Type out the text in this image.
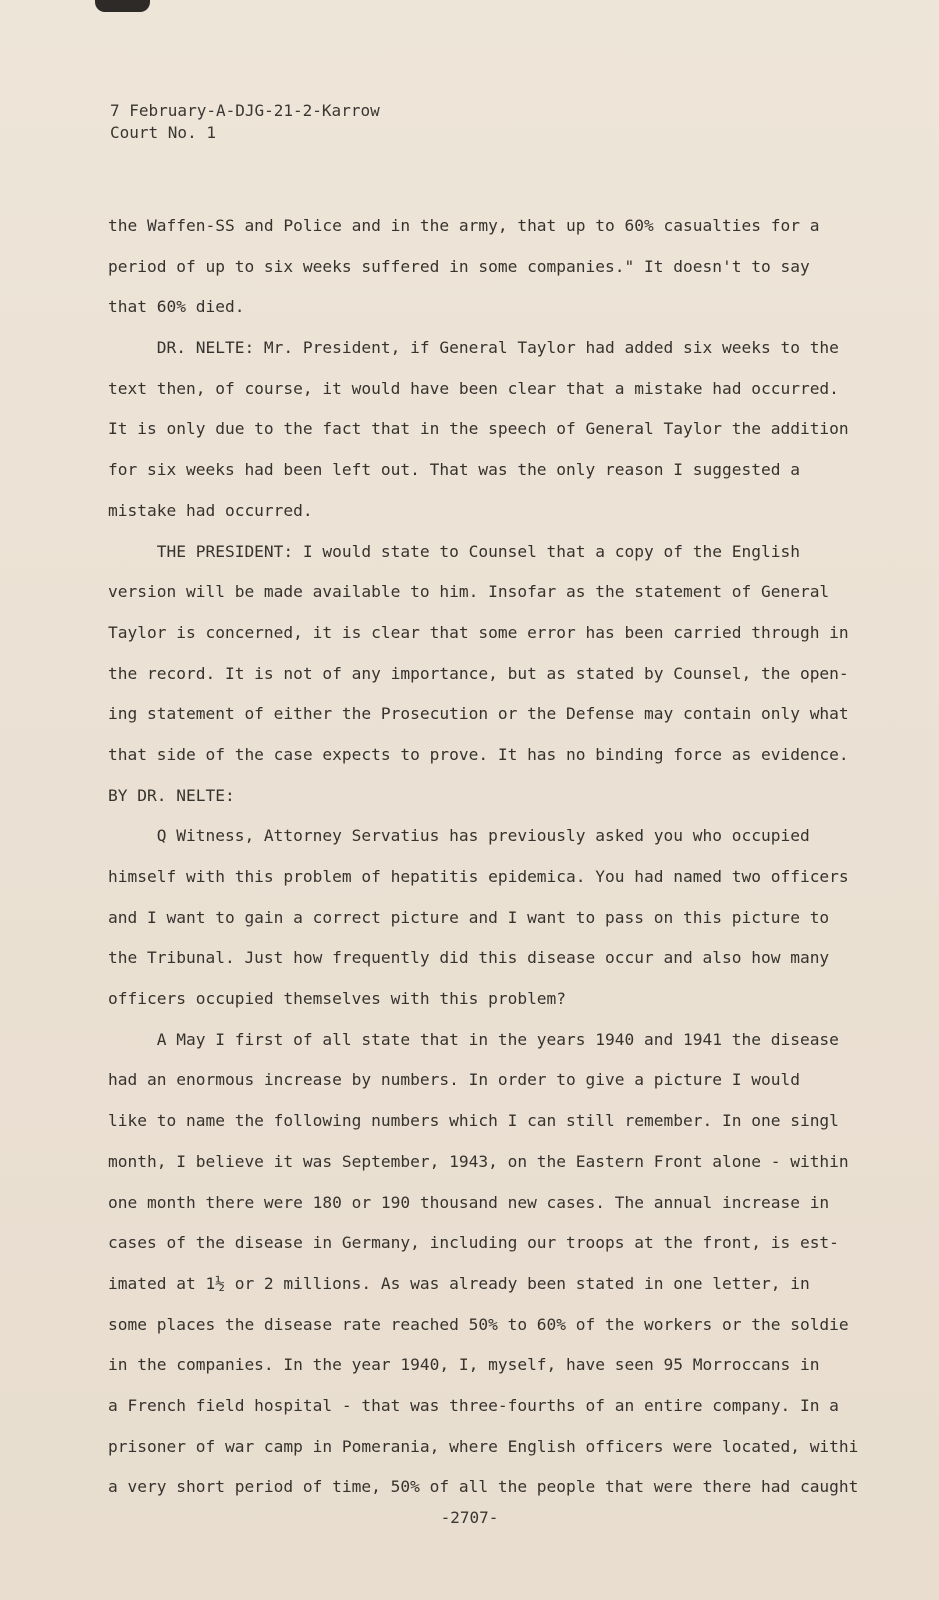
7 February-A-DJG-21-2-Karrow
Court No. 1
the Waffen-SS and Police and in the army, that up to 60% casualties for a
period of up to six weeks suffered in some companies." It doesn't to say
that 60% died.
DR. NELTE: Mr. President, if General Taylor had added six weeks to the
text then, of course, it would have been clear that a mistake had occurred.
It is only due to the fact that in the speech of General Taylor the addition
for six weeks had been left out. That was the only reason I suggested a
mistake had occurred.
THE PRESIDENT: I would state to Counsel that a copy of the English
version will be made available to him. Insofar as the statement of General
Taylor is concerned, it is clear that some error has been carried through in
the record. It is not of any importance, but as stated by Counsel, the open-
ing statement of either the Prosecution or the Defense may contain only what
that side of the case expects to prove. It has no binding force as evidence.
BY DR. NELTE:
Q Witness, Attorney Servatius has previously asked you who occupied
himself with this problem of hepatitis epidemica. You had named two officers
and I want to gain a correct picture and I want to pass on this picture to
the Tribunal. Just how frequently did this disease occur and also how many
officers occupied themselves with this problem?
A May I first of all state that in the years 1940 and 1941 the disease
had an enormous increase by numbers. In order to give a picture I would
like to name the following numbers which I can still remember. In one singl
month, I believe it was September, 1943, on the Eastern Front alone - within
one month there were 180 or 190 thousand new cases. The annual increase in
cases of the disease in Germany, including our troops at the front, is est-
imated at 1½ or 2 millions. As was already been stated in one letter, in
some places the disease rate reached 50% to 60% of the workers or the soldie
in the companies. In the year 1940, I, myself, have seen 95 Morroccans in
a French field hospital - that was three-fourths of an entire company. In a
prisoner of war camp in Pomerania, where English officers were located, withi
a very short period of time, 50% of all the people that were there had caught
-2707-
